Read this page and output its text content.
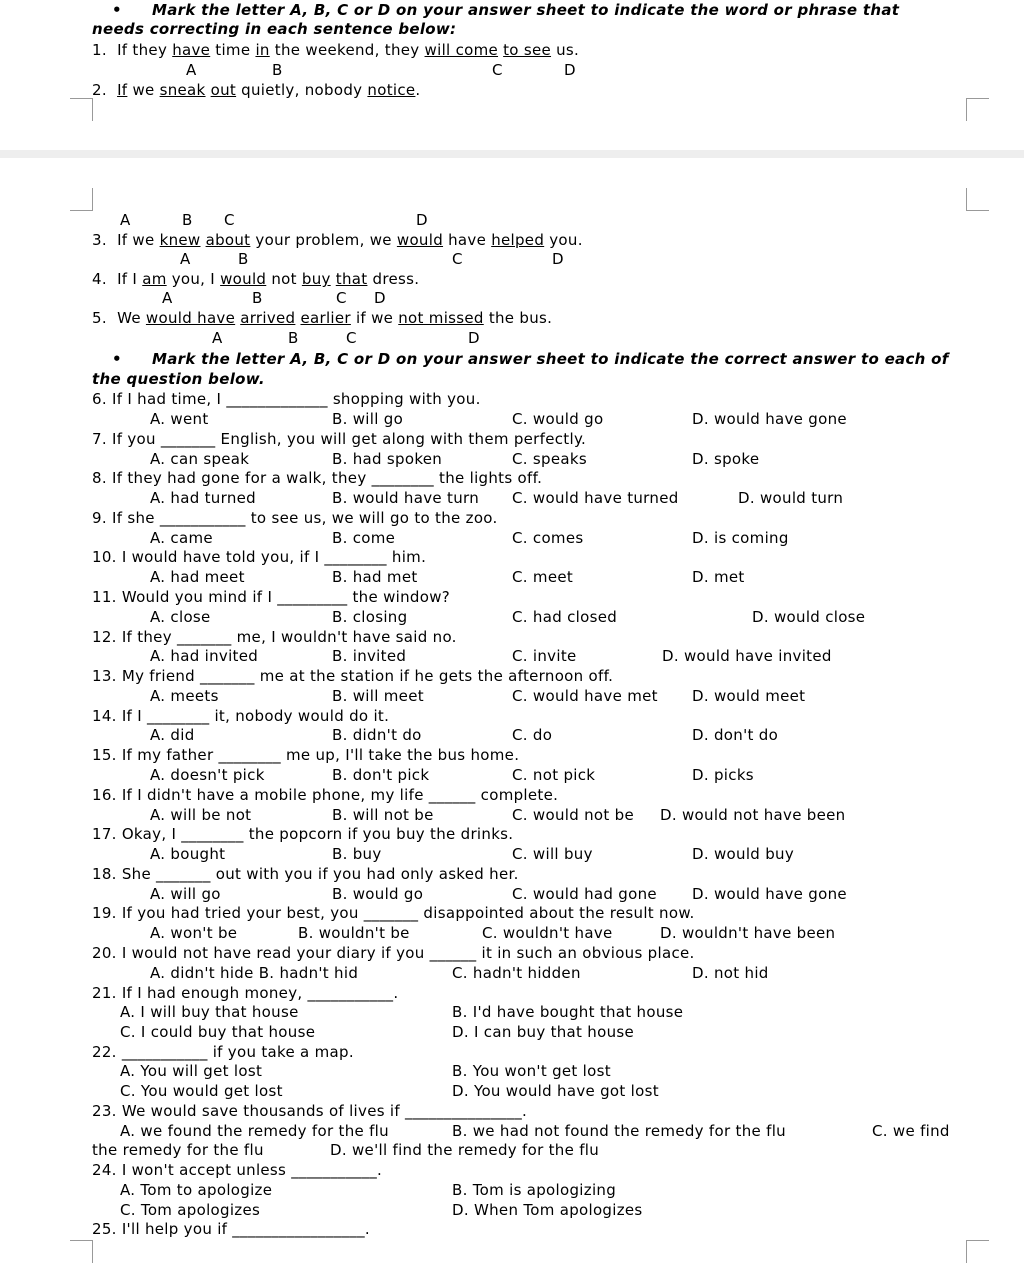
• Mark the letter A, B, C or D on your answer sheet to indicate the word or phrase that
needs correcting in each sentence below:
1. If they have time in the weekend, they will come to see us.
A	B	C	D
2. If we sneak out quietly, nobody notice.
A	B C	D
3. If we knew about your problem, we would have helped you.
A	B	C	D
4. If I am you, I would not buy that dress.
A	B	C D
5. We would have arrived earlier if we not missed the bus.
A	B	C	D
• Mark the letter A, B, C or D on your answer sheet to indicate the correct answer to each of
the question below.
6. If I had time, I _____________ shopping with you.
A. went	B. will go	C. would go	D. would have gone
7. If you _______ English, you will get along with them perfectly.
A. can speak	B. had spoken	C. speaks	D. spoke
8. If they had gone for a walk, they ________ the lights off.
A. had turned	B. would have turn C. would have turned	D. would turn
9. If she ___________ to see us, we will go to the zoo.
A. came	B. come	C. comes	D. is coming
10. I would have told you, if I ________ him.
A. had meet	B. had met	C. meet	D. met
11. Would you mind if I _________ the window?
A. close	B. closing	C. had closed	D. would close
12. If they _______ me, I wouldn't have said no.
A. had invited	B. invited	C. invite	D. would have invited
13. My friend _______ me at the station if he gets the afternoon off.
A. meets	B. will meet	C. would have met D. would meet
14. If I ________ it, nobody would do it.
A. did	B. didn't do	C. do	D. don't do
15. If my father ________ me up, I'll take the bus home.
A. doesn't pick	B. don't pick	C. not pick	D. picks
16. If I didn't have a mobile phone, my life ______ complete.
A. will be not	B. will not be	C. would not be D. would not have been
17. Okay, I ________ the popcorn if you buy the drinks.
A. bought	B. buy	C. will buy	D. would buy
18. She _______ out with you if you had only asked her.
A. will go	B. would go	C. would had gone D. would have gone
19. If you had tried your best, you _______ disappointed about the result now.
A. won't be	B. wouldn't be	C. wouldn't have	D. wouldn't have been
20. I would not have read your diary if you ______ it in such an obvious place.
A. didn't hide B. hadn't hid	C. hadn't hidden	D. not hid
21. If I had enough money, ___________.
A. I will buy that house	B. I'd have bought that house
C. I could buy that house	D. I can buy that house
22. ___________ if you take a map.
A. You will get lost	B. You won't get lost
C. You would get lost	D. You would have got lost
23. We would save thousands of lives if _______________.
A. we found the remedy for the flu	B. we had not found the remedy for the flu	C. we find
the remedy for the flu	D. we'll find the remedy for the flu
24. I won't accept unless ___________.
A. Tom to apologize	B. Tom is apologizing
C. Tom apologizes	D. When Tom apologizes
25. I'll help you if _________________.
